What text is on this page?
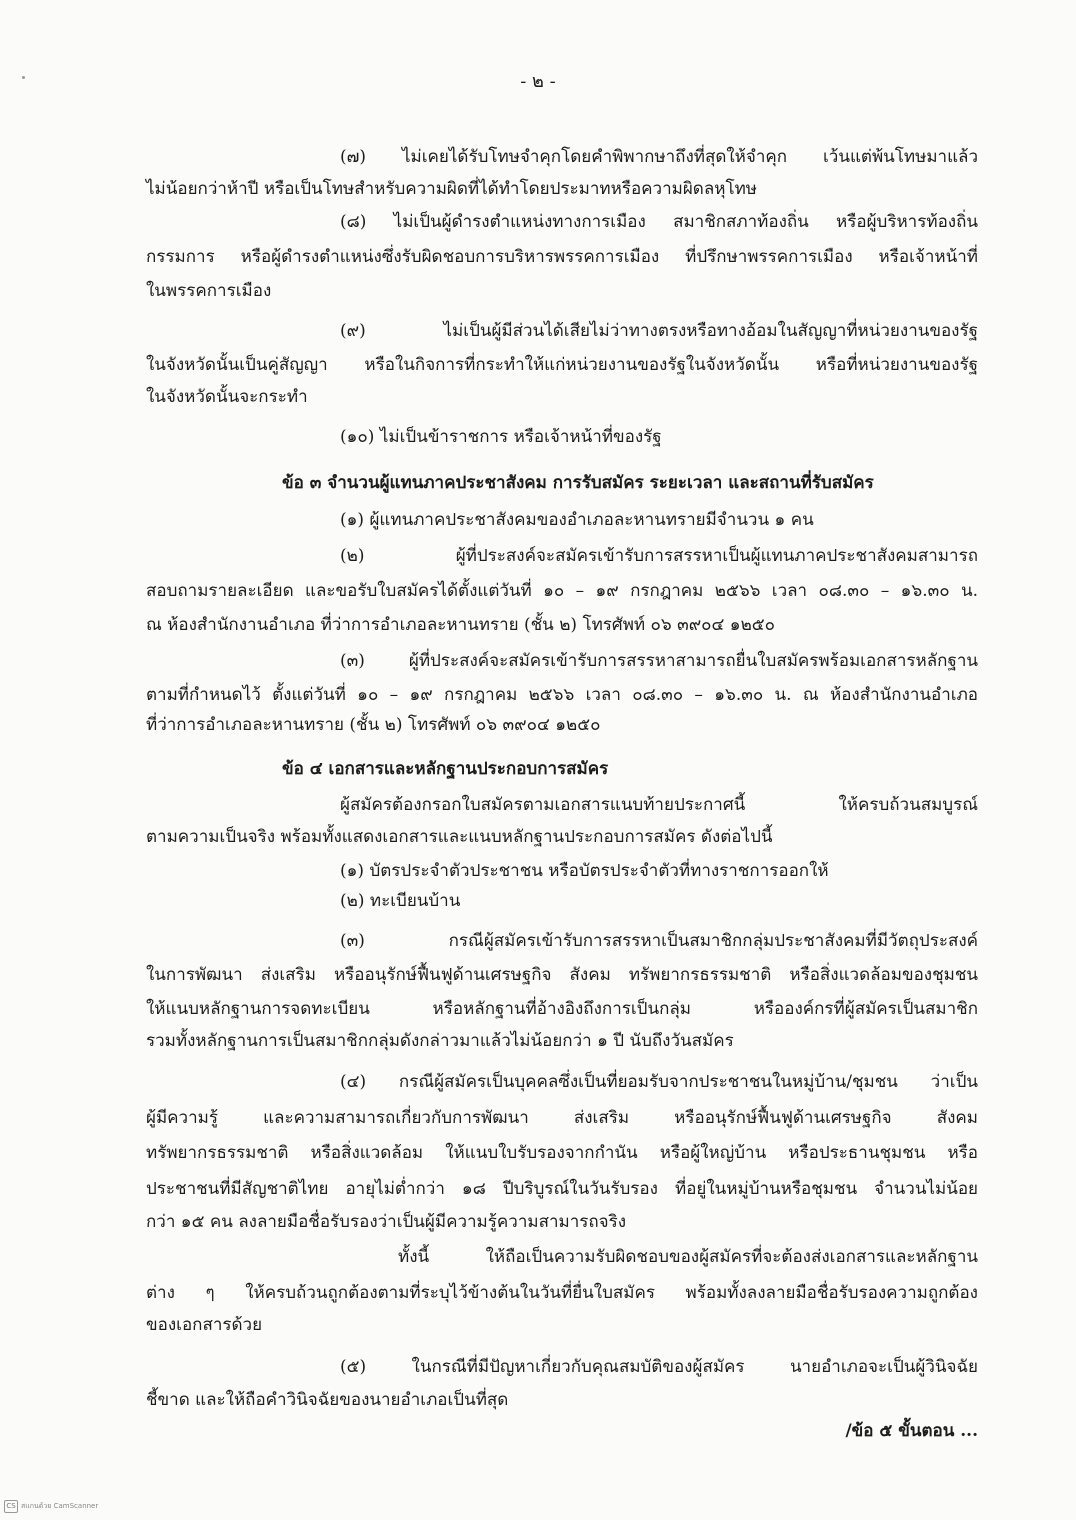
- ๒ -
(๗) ไม่เคยได้รับโทษจำคุกโดยคำพิพากษาถึงที่สุดให้จำคุก เว้นแต่พ้นโทษมาแล้ว
ไม่น้อยกว่าห้าปี หรือเป็นโทษสำหรับความผิดที่ได้ทำโดยประมาทหรือความผิดลหุโทษ
(๘) ไม่เป็นผู้ดำรงตำแหน่งทางการเมือง สมาชิกสภาท้องถิ่น หรือผู้บริหารท้องถิ่น
กรรมการ หรือผู้ดำรงตำแหน่งซึ่งรับผิดชอบการบริหารพรรคการเมือง ที่ปรึกษาพรรคการเมือง หรือเจ้าหน้าที่
ในพรรคการเมือง
(๙) ไม่เป็นผู้มีส่วนได้เสียไม่ว่าทางตรงหรือทางอ้อมในสัญญาที่หน่วยงานของรัฐ
ในจังหวัดนั้นเป็นคู่สัญญา หรือในกิจการที่กระทำให้แก่หน่วยงานของรัฐในจังหวัดนั้น หรือที่หน่วยงานของรัฐ
ในจังหวัดนั้นจะกระทำ
(๑๐) ไม่เป็นข้าราชการ หรือเจ้าหน้าที่ของรัฐ
ข้อ ๓ จำนวนผู้แทนภาคประชาสังคม การรับสมัคร ระยะเวลา และสถานที่รับสมัคร
(๑) ผู้แทนภาคประชาสังคมของอำเภอละหานทรายมีจำนวน ๑ คน
(๒) ผู้ที่ประสงค์จะสมัครเข้ารับการสรรหาเป็นผู้แทนภาคประชาสังคมสามารถ
สอบถามรายละเอียด และขอรับใบสมัครได้ตั้งแต่วันที่ ๑๐ – ๑๙ กรกฎาคม ๒๕๖๖ เวลา ๐๘.๓๐ – ๑๖.๓๐ น.
ณ ห้องสำนักงานอำเภอ ที่ว่าการอำเภอละหานทราย (ชั้น ๒) โทรศัพท์ ๐๖ ๓๙๐๔ ๑๒๕๐
(๓) ผู้ที่ประสงค์จะสมัครเข้ารับการสรรหาสามารถยื่นใบสมัครพร้อมเอกสารหลักฐาน
ตามที่กำหนดไว้ ตั้งแต่วันที่ ๑๐ – ๑๙ กรกฎาคม ๒๕๖๖ เวลา ๐๘.๓๐ – ๑๖.๓๐ น. ณ ห้องสำนักงานอำเภอ
ที่ว่าการอำเภอละหานทราย (ชั้น ๒) โทรศัพท์ ๐๖ ๓๙๐๔ ๑๒๕๐
ข้อ ๔ เอกสารและหลักฐานประกอบการสมัคร
ผู้สมัครต้องกรอกใบสมัครตามเอกสารแนบท้ายประกาศนี้ ให้ครบถ้วนสมบูรณ์
ตามความเป็นจริง พร้อมทั้งแสดงเอกสารและแนบหลักฐานประกอบการสมัคร ดังต่อไปนี้
(๑) บัตรประจำตัวประชาชน หรือบัตรประจำตัวที่ทางราชการออกให้
(๒) ทะเบียนบ้าน
(๓) กรณีผู้สมัครเข้ารับการสรรหาเป็นสมาชิกกลุ่มประชาสังคมที่มีวัตถุประสงค์
ในการพัฒนา ส่งเสริม หรืออนุรักษ์ฟื้นฟูด้านเศรษฐกิจ สังคม ทรัพยากรธรรมชาติ หรือสิ่งแวดล้อมของชุมชน
ให้แนบหลักฐานการจดทะเบียน หรือหลักฐานที่อ้างอิงถึงการเป็นกลุ่ม หรือองค์กรที่ผู้สมัครเป็นสมาชิก
รวมทั้งหลักฐานการเป็นสมาชิกกลุ่มดังกล่าวมาแล้วไม่น้อยกว่า ๑ ปี นับถึงวันสมัคร
(๔) กรณีผู้สมัครเป็นบุคคลซึ่งเป็นที่ยอมรับจากประชาชนในหมู่บ้าน/ชุมชน ว่าเป็น
ผู้มีความรู้ และความสามารถเกี่ยวกับการพัฒนา ส่งเสริม หรืออนุรักษ์ฟื้นฟูด้านเศรษฐกิจ สังคม
ทรัพยากรธรรมชาติ หรือสิ่งแวดล้อม ให้แนบใบรับรองจากกำนัน หรือผู้ใหญ่บ้าน หรือประธานชุมชน หรือ
ประชาชนที่มีสัญชาติไทย อายุไม่ต่ำกว่า ๑๘ ปีบริบูรณ์ในวันรับรอง ที่อยู่ในหมู่บ้านหรือชุมชน จำนวนไม่น้อย
กว่า ๑๕ คน ลงลายมือชื่อรับรองว่าเป็นผู้มีความรู้ความสามารถจริง
ทั้งนี้ ให้ถือเป็นความรับผิดชอบของผู้สมัครที่จะต้องส่งเอกสารและหลักฐาน
ต่าง ๆ ให้ครบถ้วนถูกต้องตามที่ระบุไว้ข้างต้นในวันที่ยื่นใบสมัคร พร้อมทั้งลงลายมือชื่อรับรองความถูกต้อง
ของเอกสารด้วย
(๕) ในกรณีที่มีปัญหาเกี่ยวกับคุณสมบัติของผู้สมัคร นายอำเภอจะเป็นผู้วินิจฉัย
ชี้ขาด และให้ถือคำวินิจฉัยของนายอำเภอเป็นที่สุด
/ข้อ ๕ ขั้นตอน ...
CS สแกนด้วย CamScanner
